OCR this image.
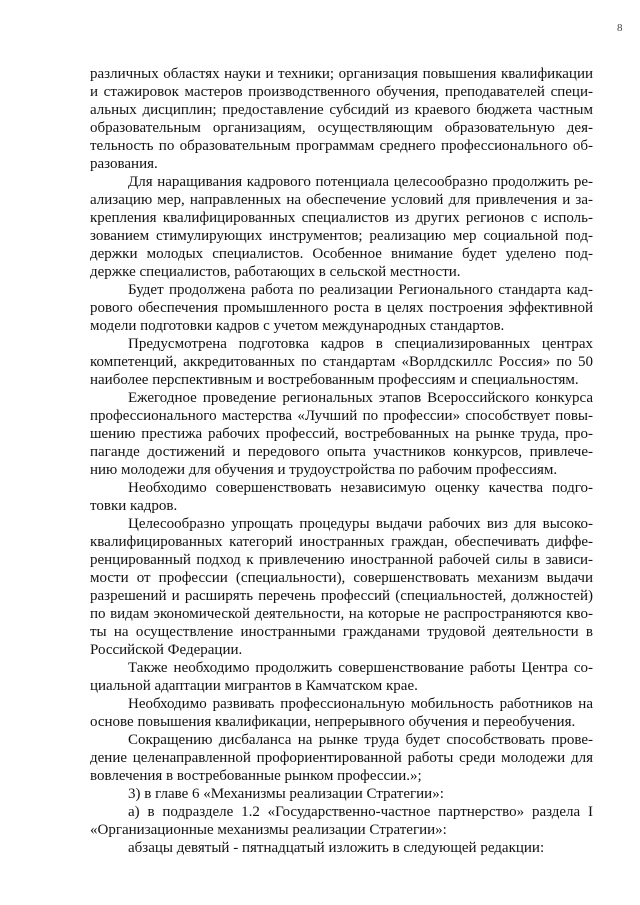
8
различных областях науки и техники; организация повышения квалификации
и стажировок мастеров производственного обучения, преподавателей специ-
альных дисциплин; предоставление субсидий из краевого бюджета частным
образовательным организациям, осуществляющим образовательную дея-
тельность по образовательным программам среднего профессионального об-
разования.
Для наращивания кадрового потенциала целесообразно продолжить ре-
ализацию мер, направленных на обеспечение условий для привлечения и за-
крепления квалифицированных специалистов из других регионов с исполь-
зованием стимулирующих инструментов; реализацию мер социальной под-
держки молодых специалистов. Особенное внимание будет уделено под-
держке специалистов, работающих в сельской местности.
Будет продолжена работа по реализации Регионального стандарта кад-
рового обеспечения промышленного роста в целях построения эффективной
модели подготовки кадров с учетом международных стандартов.
Предусмотрена подготовка кадров в специализированных центрах
компетенций, аккредитованных по стандартам «Ворлдскиллс Россия» по 50
наиболее перспективным и востребованным профессиям и специальностям.
Ежегодное проведение региональных этапов Всероссийского конкурса
профессионального мастерства «Лучший по профессии» способствует повы-
шению престижа рабочих профессий, востребованных на рынке труда, про-
паганде достижений и передового опыта участников конкурсов, привлече-
нию молодежи для обучения и трудоустройства по рабочим профессиям.
Необходимо совершенствовать независимую оценку качества подго-
товки кадров.
Целесообразно упрощать процедуры выдачи рабочих виз для высоко-
квалифицированных категорий иностранных граждан, обеспечивать диффе-
ренцированный подход к привлечению иностранной рабочей силы в зависи-
мости от профессии (специальности), совершенствовать механизм выдачи
разрешений и расширять перечень профессий (специальностей, должностей)
по видам экономической деятельности, на которые не распространяются кво-
ты на осуществление иностранными гражданами трудовой деятельности в
Российской Федерации.
Также необходимо продолжить совершенствование работы Центра со-
циальной адаптации мигрантов в Камчатском крае.
Необходимо развивать профессиональную мобильность работников на
основе повышения квалификации, непрерывного обучения и переобучения.
Сокращению дисбаланса на рынке труда будет способствовать прове-
дение целенаправленной профориентированной работы среди молодежи для
вовлечения в востребованные рынком профессии.»;
3) в главе 6 «Механизмы реализации Стратегии»:
а) в подразделе 1.2 «Государственно-частное партнерство» раздела I
«Организационные механизмы реализации Стратегии»:
абзацы девятый - пятнадцатый изложить в следующей редакции:
